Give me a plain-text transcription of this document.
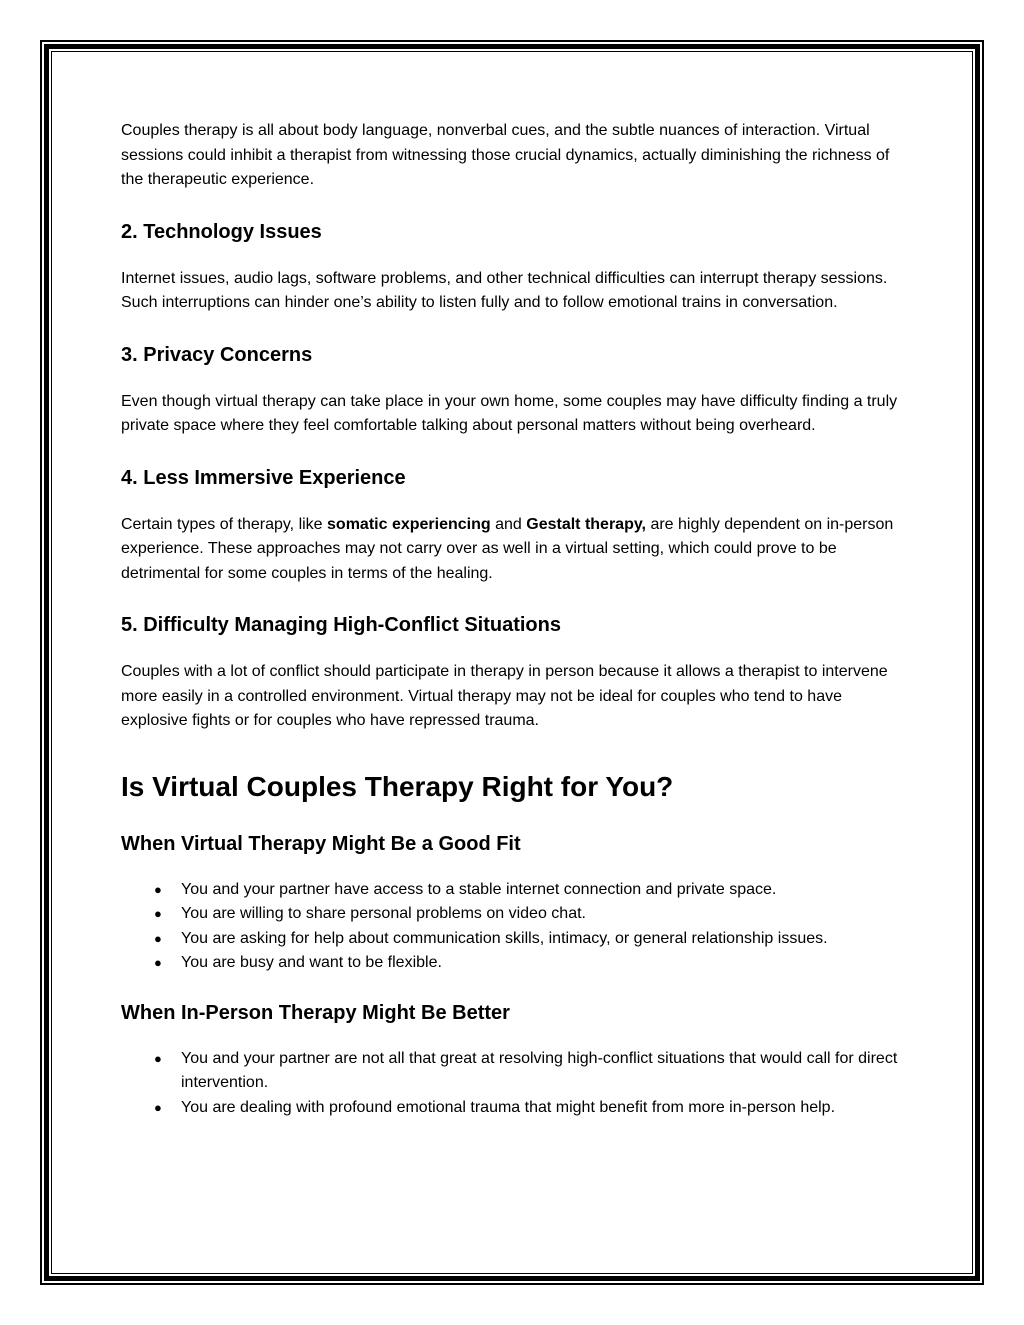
Couples therapy is all about body language, nonverbal cues, and the subtle nuances of interaction. Virtual sessions could inhibit a therapist from witnessing those crucial dynamics, actually diminishing the richness of the therapeutic experience.

2. Technology Issues

Internet issues, audio lags, software problems, and other technical difficulties can interrupt therapy sessions. Such interruptions can hinder one’s ability to listen fully and to follow emotional trains in conversation.

3. Privacy Concerns

Even though virtual therapy can take place in your own home, some couples may have difficulty finding a truly private space where they feel comfortable talking about personal matters without being overheard.

4. Less Immersive Experience

Certain types of therapy, like somatic experiencing and Gestalt therapy, are highly dependent on in-person experience. These approaches may not carry over as well in a virtual setting, which could prove to be detrimental for some couples in terms of the healing.

5. Difficulty Managing High-Conflict Situations

Couples with a lot of conflict should participate in therapy in person because it allows a therapist to intervene more easily in a controlled environment. Virtual therapy may not be ideal for couples who tend to have explosive fights or for couples who have repressed trauma.

Is Virtual Couples Therapy Right for You?
When Virtual Therapy Might Be a Good Fit
● You and your partner have access to a stable internet connection and private space.
● You are willing to share personal problems on video chat.
● You are asking for help about communication skills, intimacy, or general relationship issues.
● You are busy and want to be flexible.
When In-Person Therapy Might Be Better
● You and your partner are not all that great at resolving high-conflict situations that would call for direct intervention.
● You are dealing with profound emotional trauma that might benefit from more in-person help.
